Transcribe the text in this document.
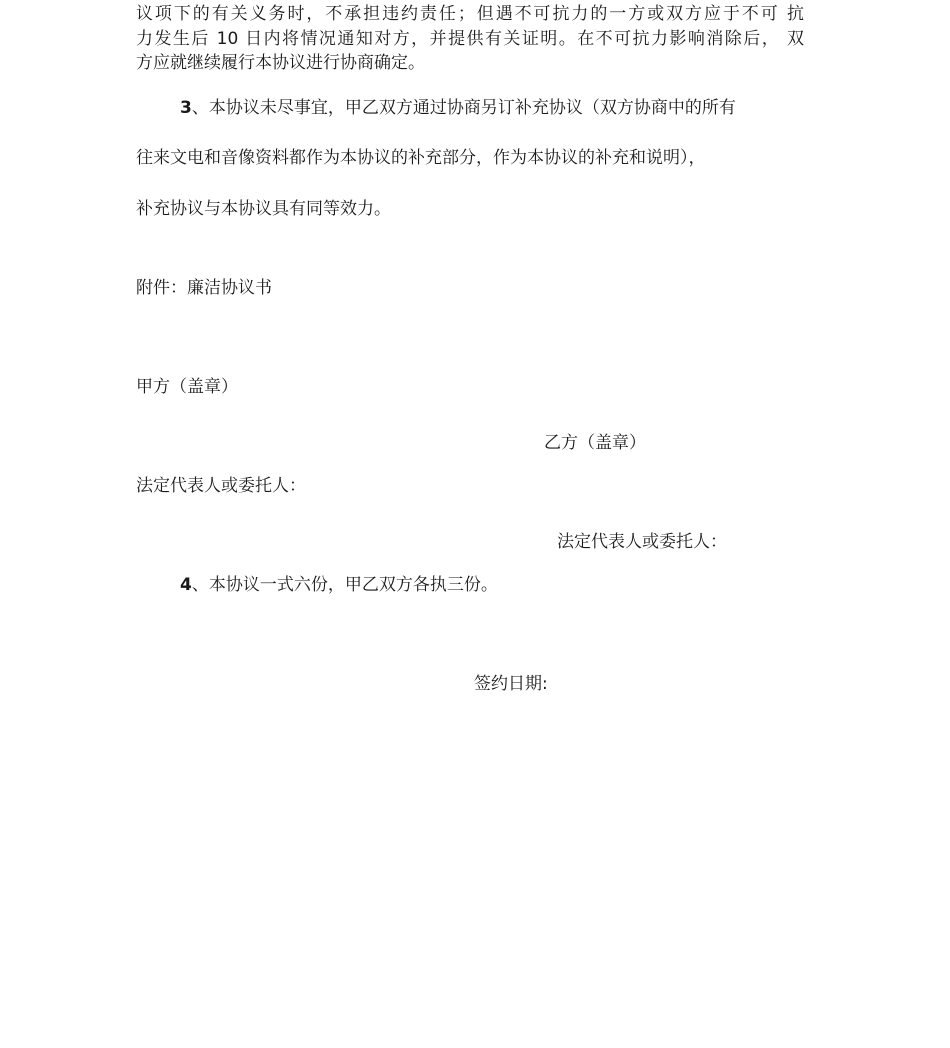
议项下的有关义务时，不承担违约责任；但遇不可抗力的一方或双方应于不可 抗
力发生后 10 日内将情况通知对方，并提供有关证明。在不可抗力影响消除后， 双
方应就继续履行本协议进行协商确定。
3、本协议未尽事宜，甲乙双方通过协商另订补充协议（双方协商中的所有
往来文电和音像资料都作为本协议的补充部分，作为本协议的补充和说明），
补充协议与本协议具有同等效力。
附件：廉洁协议书
甲方（盖章）
乙方（盖章）
法定代表人或委托人：
法定代表人或委托人：
4、本协议一式六份，甲乙双方各执三份。
签约日期:
